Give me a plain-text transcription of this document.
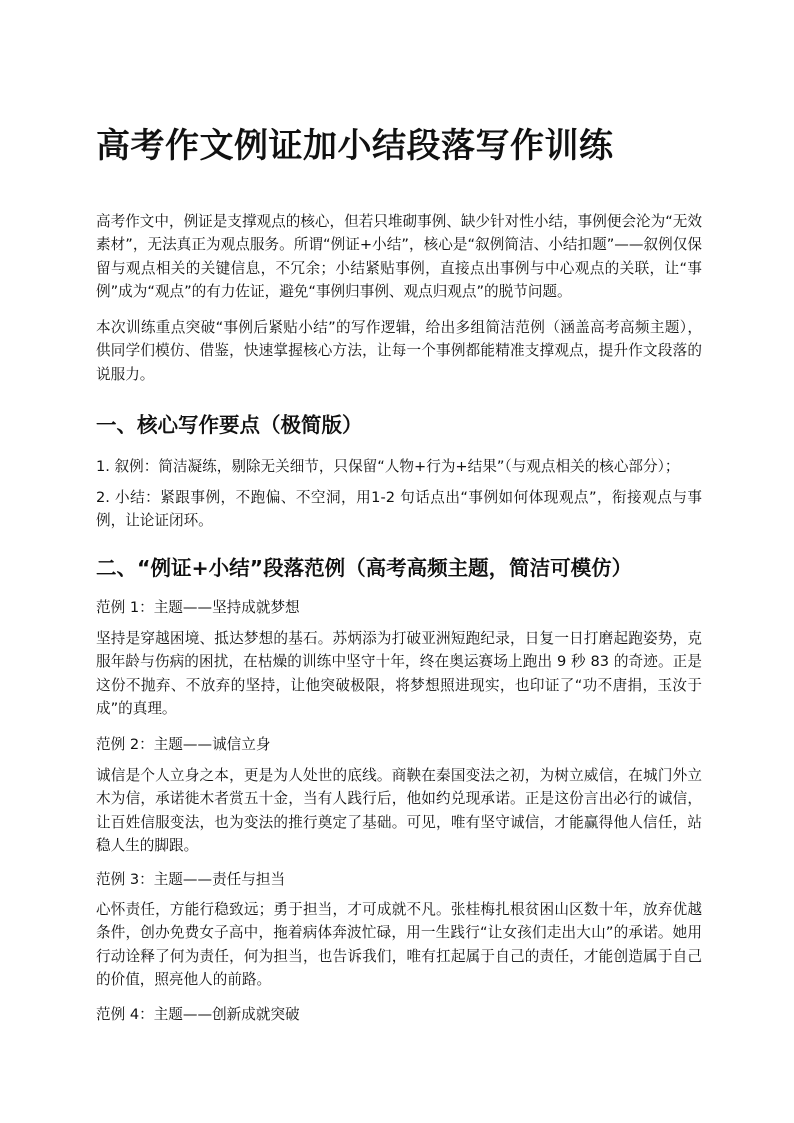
高考作文例证加小结段落写作训练

高考作文中，例证是支撑观点的核心，但若只堆砌事例、缺少针对性小结，事例便会沦为“无效素材”，无法真正为观点服务。所谓“例证+小结”，核心是“叙例简洁、小结扣题”——叙例仅保留与观点相关的关键信息，不冗余；小结紧贴事例，直接点出事例与中心观点的关联，让“事例”成为“观点”的有力佐证，避免“事例归事例、观点归观点”的脱节问题。

本次训练重点突破“事例后紧贴小结”的写作逻辑，给出多组简洁范例（涵盖高考高频主题），供同学们模仿、借鉴，快速掌握核心方法，让每一个事例都能精准支撑观点，提升作文段落的说服力。

一、核心写作要点（极简版）

1. 叙例：简洁凝练，剔除无关细节，只保留“人物+行为+结果”（与观点相关的核心部分）；

2. 小结：紧跟事例，不跑偏、不空洞，用1-2 句话点出“事例如何体现观点”，衔接观点与事例，让论证闭环。

二、“例证+小结”段落范例（高考高频主题，简洁可模仿）

范例 1：主题——坚持成就梦想

坚持是穿越困境、抵达梦想的基石。苏炳添为打破亚洲短跑纪录，日复一日打磨起跑姿势，克服年龄与伤病的困扰，在枯燥的训练中坚守十年，终在奥运赛场上跑出 9 秒 83 的奇迹。正是这份不抛弃、不放弃的坚持，让他突破极限，将梦想照进现实，也印证了“功不唐捐，玉汝于成”的真理。

范例 2：主题——诚信立身

诚信是个人立身之本，更是为人处世的底线。商鞅在秦国变法之初，为树立威信，在城门外立木为信，承诺徙木者赏五十金，当有人践行后，他如约兑现承诺。正是这份言出必行的诚信，让百姓信服变法，也为变法的推行奠定了基础。可见，唯有坚守诚信，才能赢得他人信任，站稳人生的脚跟。

范例 3：主题——责任与担当

心怀责任，方能行稳致远；勇于担当，才可成就不凡。张桂梅扎根贫困山区数十年，放弃优越条件，创办免费女子高中，拖着病体奔波忙碌，用一生践行“让女孩们走出大山”的承诺。她用行动诠释了何为责任，何为担当，也告诉我们，唯有扛起属于自己的责任，才能创造属于自己的价值，照亮他人的前路。

范例 4：主题——创新成就突破
